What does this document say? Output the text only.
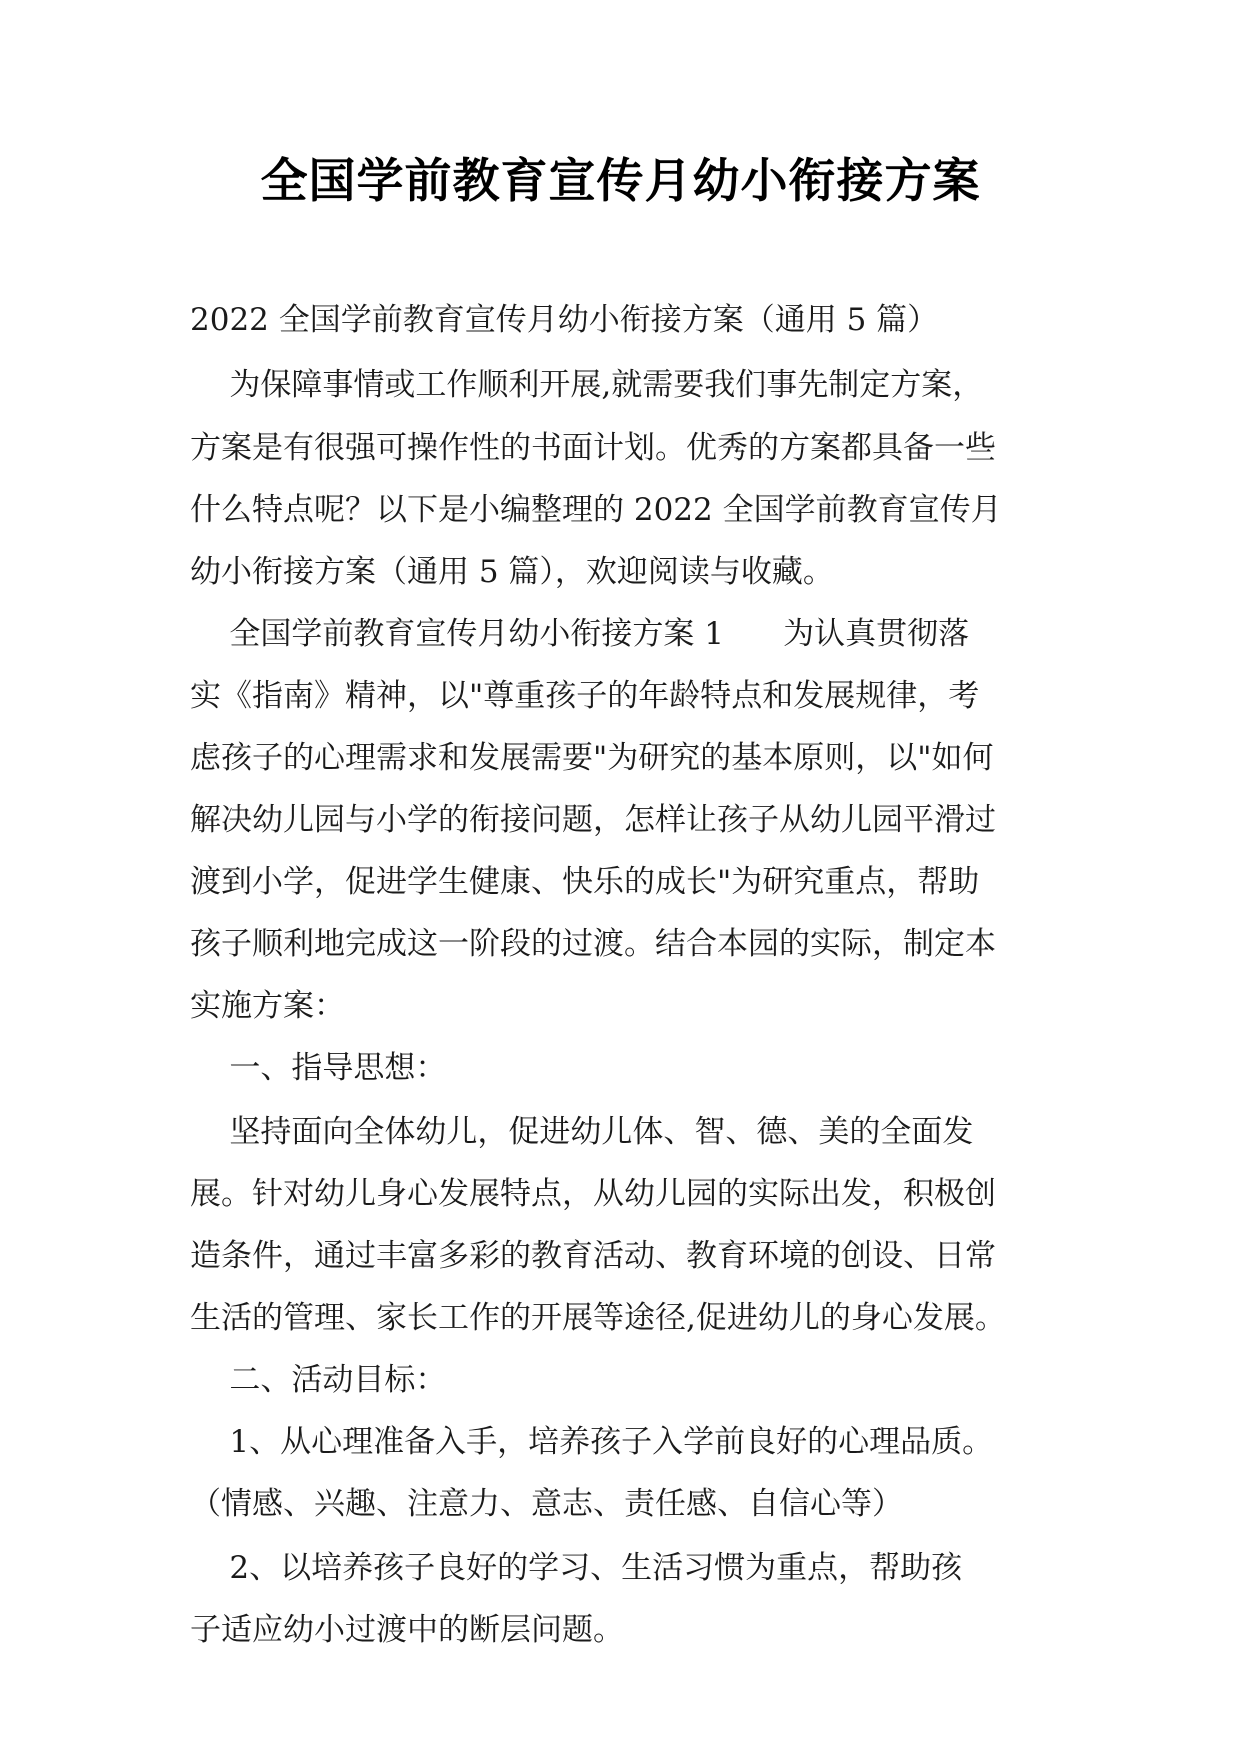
全国学前教育宣传月幼小衔接方案
2022 全国学前教育宣传月幼小衔接方案（通用 5 篇）
为保障事情或工作顺利开展,就需要我们事先制定方案，
方案是有很强可操作性的书面计划。优秀的方案都具备一些
什么特点呢？以下是小编整理的 2022 全国学前教育宣传月
幼小衔接方案（通用 5 篇），欢迎阅读与收藏。
全国学前教育宣传月幼小衔接方案 1      为认真贯彻落
实《指南》精神，以"尊重孩子的年龄特点和发展规律，考
虑孩子的心理需求和发展需要"为研究的基本原则，以"如何
解决幼儿园与小学的衔接问题，怎样让孩子从幼儿园平滑过
渡到小学，促进学生健康、快乐的成长"为研究重点，帮助
孩子顺利地完成这一阶段的过渡。结合本园的实际，制定本
实施方案：
一、指导思想：
坚持面向全体幼儿，促进幼儿体、智、德、美的全面发
展。针对幼儿身心发展特点，从幼儿园的实际出发，积极创
造条件，通过丰富多彩的教育活动、教育环境的创设、日常
生活的管理、家长工作的开展等途径,促进幼儿的身心发展。
二、活动目标：
1、从心理准备入手，培养孩子入学前良好的心理品质。
（情感、兴趣、注意力、意志、责任感、自信心等）
2、以培养孩子良好的学习、生活习惯为重点，帮助孩
子适应幼小过渡中的断层问题。
